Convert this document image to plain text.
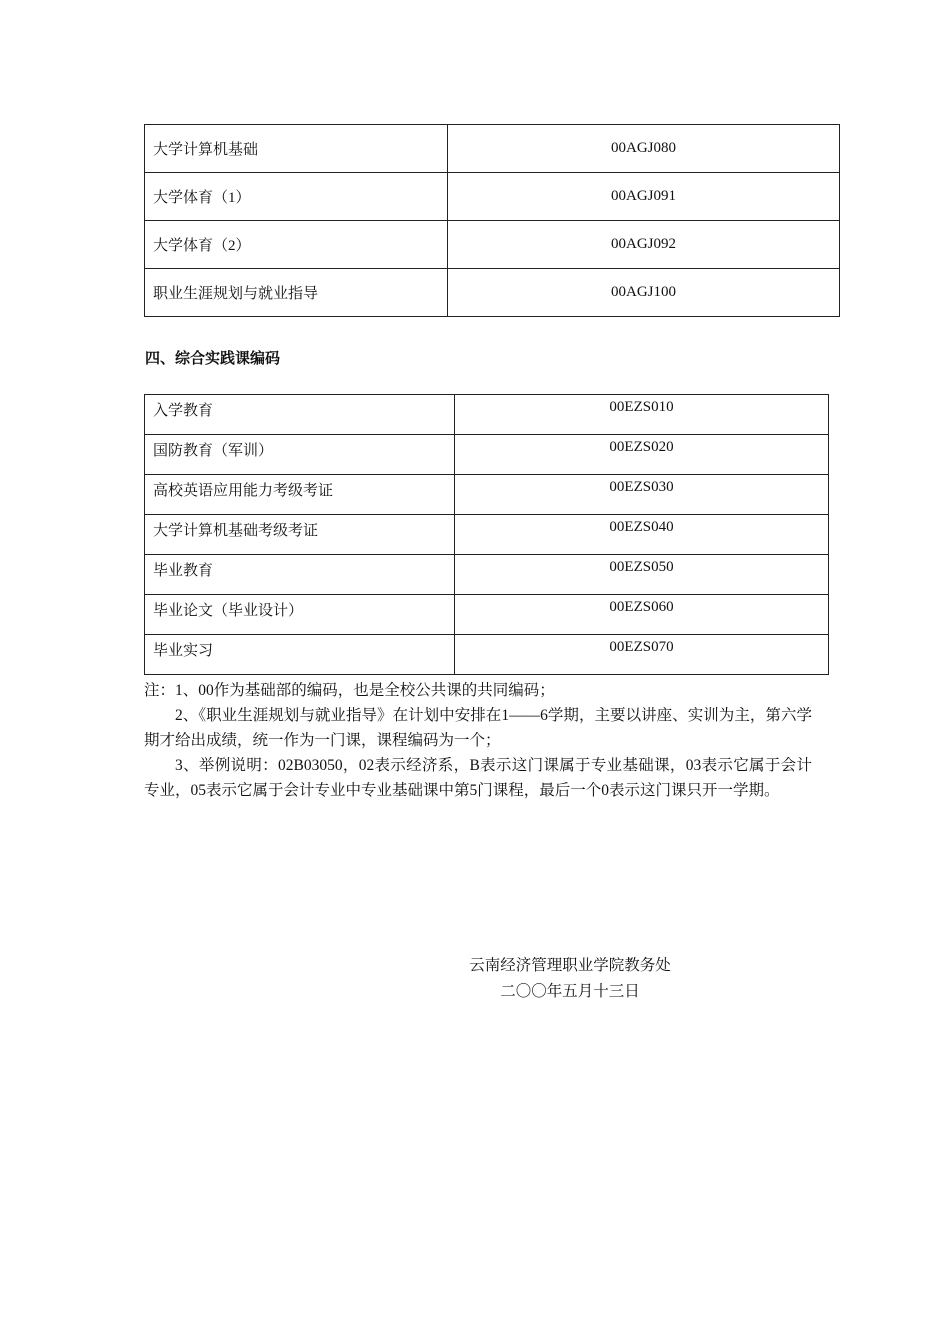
大学计算机基础	00AGJ080
大学体育（1）	00AGJ091
大学体育（2）	00AGJ092
职业生涯规划与就业指导	00AGJ100
四、综合实践课编码
入学教育	00EZS010
国防教育（军训）	00EZS020
高校英语应用能力考级考证	00EZS030
大学计算机基础考级考证	00EZS040
毕业教育	00EZS050
毕业论文（毕业设计）	00EZS060
毕业实习	00EZS070

注：1、00作为基础部的编码，也是全校公共课的共同编码；

2、《职业生涯规划与就业指导》在计划中安排在1——6学期，主要以讲座、实训为主，第六学期才给出成绩，统一作为一门课，课程编码为一个；

3、举例说明：02B03050，02表示经济系，B表示这门课属于专业基础课，03表示它属于会计专业，05表示它属于会计专业中专业基础课中第5门课程，最后一个0表示这门课只开一学期。

云南经济管理职业学院教务处
二〇〇年五月十三日
